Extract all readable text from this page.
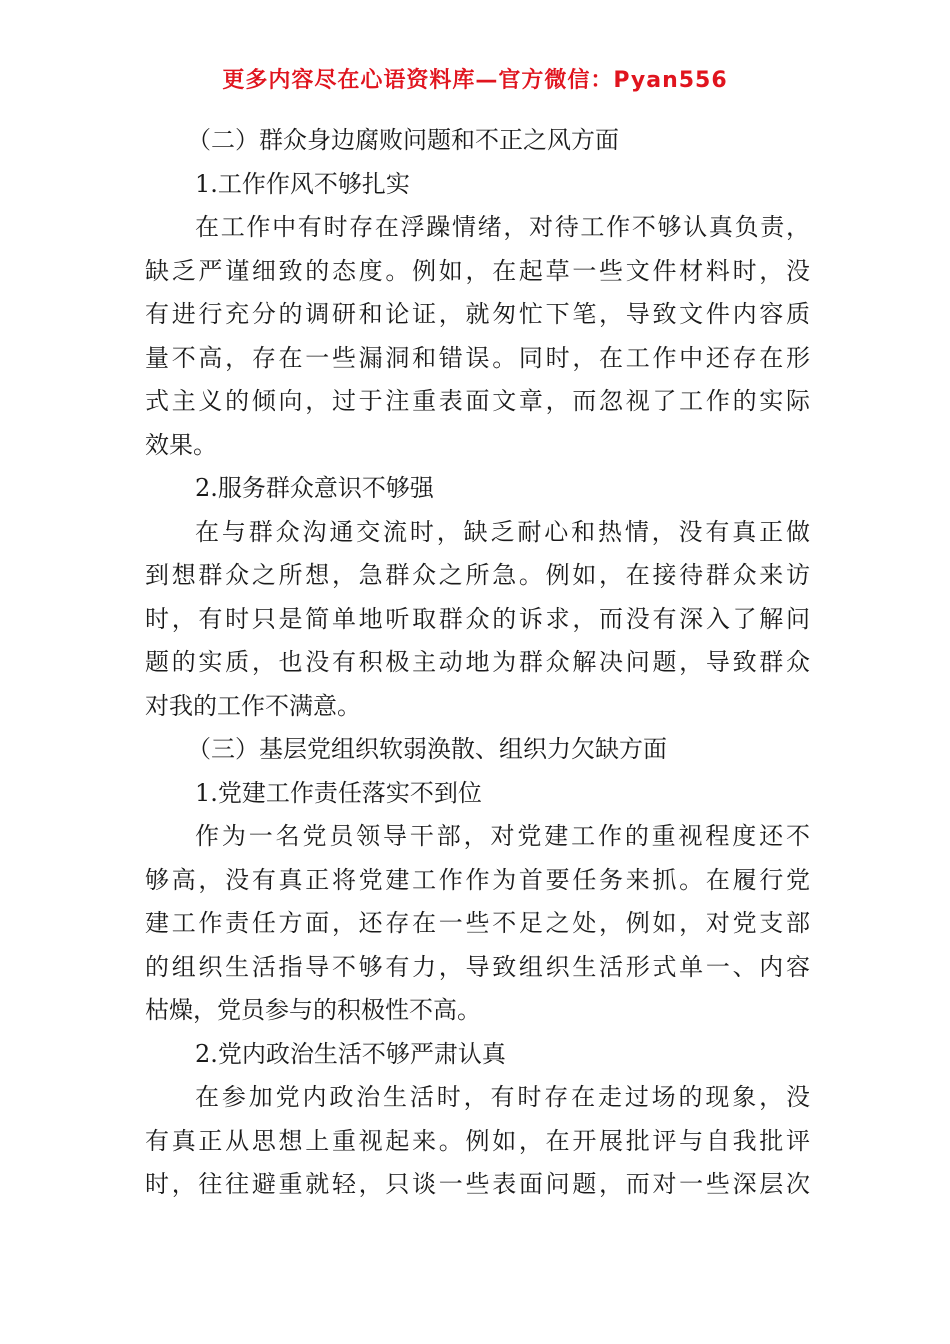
更多内容尽在心语资料库—官方微信：Pyan556
（二）群众身边腐败问题和不正之风方面
1.工作作风不够扎实
在工作中有时存在浮躁情绪，对待工作不够认真负责，
缺乏严谨细致的态度。例如，在起草一些文件材料时，没
有进行充分的调研和论证，就匆忙下笔，导致文件内容质
量不高，存在一些漏洞和错误。同时，在工作中还存在形
式主义的倾向，过于注重表面文章，而忽视了工作的实际
效果。
2.服务群众意识不够强
在与群众沟通交流时，缺乏耐心和热情，没有真正做
到想群众之所想，急群众之所急。例如，在接待群众来访
时，有时只是简单地听取群众的诉求，而没有深入了解问
题的实质，也没有积极主动地为群众解决问题，导致群众
对我的工作不满意。
（三）基层党组织软弱涣散、组织力欠缺方面
1.党建工作责任落实不到位
作为一名党员领导干部，对党建工作的重视程度还不
够高，没有真正将党建工作作为首要任务来抓。在履行党
建工作责任方面，还存在一些不足之处，例如，对党支部
的组织生活指导不够有力，导致组织生活形式单一、内容
枯燥，党员参与的积极性不高。
2.党内政治生活不够严肃认真
在参加党内政治生活时，有时存在走过场的现象，没
有真正从思想上重视起来。例如，在开展批评与自我批评
时，往往避重就轻，只谈一些表面问题，而对一些深层次
